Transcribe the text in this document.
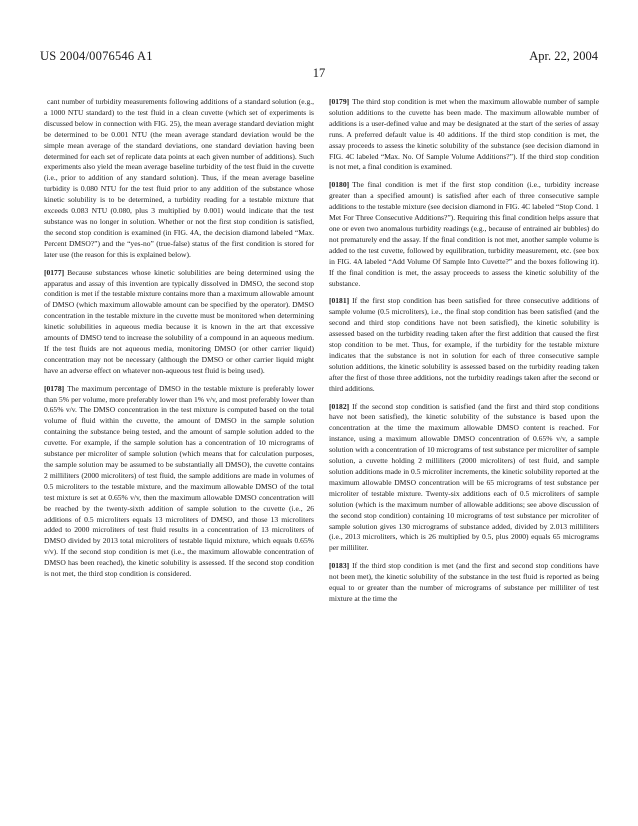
US 2004/0076546 A1	Apr. 22, 2004
17

cant number of turbidity measurements following additions of a standard solution (e.g., a 1000 NTU standard) to the test fluid in a clean cuvette (which set of experiments is discussed below in connection with FIG. 25), the mean average standard deviation might be determined to be 0.001 NTU (the mean average standard deviation would be the simple mean average of the standard deviations, one standard deviation having been determined for each set of replicate data points at each given number of additions). Such experiments also yield the mean average baseline turbidity of the test fluid in the cuvette (i.e., prior to addition of any standard solution). Thus, if the mean average baseline turbidity is 0.080 NTU for the test fluid prior to any addition of the substance whose kinetic solubility is to be determined, a turbidity reading for a testable mixture that exceeds 0.083 NTU (0.080, plus 3 multiplied by 0.001) would indicate that the test substance was no longer in solution. Whether or not the first stop condition is satisfied, the second stop condition is examined (in FIG. 4A, the decision diamond labeled “Max. Percent DMSO?”) and the “yes-no” (true-false) status of the first condition is stored for later use (the reason for this is explained below).

[0177] Because substances whose kinetic solubilities are being determined using the apparatus and assay of this invention are typically dissolved in DMSO, the second stop condition is met if the testable mixture contains more than a maximum allowable amount of DMSO (which maximum allowable amount can be specified by the operator). DMSO concentration in the testable mixture in the cuvette must be monitored when determining kinetic solubilities in aqueous media because it is known in the art that excessive amounts of DMSO tend to increase the solubility of a compound in an aqueous medium. If the test fluids are not aqueous media, monitoring DMSO (or other carrier liquid) concentration may not be necessary (although the DMSO or other carrier liquid might have an adverse effect on whatever non-aqueous test fluid is being used).

[0178] The maximum percentage of DMSO in the testable mixture is preferably lower than 5% per volume, more preferably lower than 1% v/v, and most preferably lower than 0.65% v/v. The DMSO concentration in the test mixture is computed based on the total volume of fluid within the cuvette, the amount of DMSO in the sample solution containing the substance being tested, and the amount of sample solution added to the cuvette. For example, if the sample solution has a concentration of 10 micrograms of substance per microliter of sample solution (which means that for calculation purposes, the sample solution may be assumed to be substantially all DMSO), the cuvette contains 2 milliliters (2000 microliters) of test fluid, the sample additions are made in volumes of 0.5 microliters to the testable mixture, and the maximum allowable DMSO of the total test mixture is set at 0.65% v/v, then the maximum allowable DMSO concentration will be reached by the twenty-sixth addition of sample solution to the cuvette (i.e., 26 additions of 0.5 microliters equals 13 microliters of DMSO, and those 13 microliters added to 2000 microliters of test fluid results in a concentration of 13 microliters of DMSO divided by 2013 total microliters of testable liquid mixture, which equals 0.65% v/v). If the second stop condition is met (i.e., the maximum allowable concentration of DMSO has been reached), the kinetic solubility is assessed. If the second stop condition is not met, the third stop condition is considered.

[0179] The third stop condition is met when the maximum allowable number of sample solution additions to the cuvette has been made. The maximum allowable number of additions is a user-defined value and may be designated at the start of the series of assay runs. A preferred default value is 40 additions. If the third stop condition is met, the assay proceeds to assess the kinetic solubility of the substance (see decision diamond in FIG. 4C labeled “Max. No. Of Sample Volume Additions?”). If the third stop condition is not met, a final condition is examined.

[0180] The final condition is met if the first stop condition (i.e., turbidity increase greater than a specified amount) is satisfied after each of three consecutive sample additions to the testable mixture (see decision diamond in FIG. 4C labeled “Stop Cond. 1 Met For Three Consecutive Additions?”). Requiring this final condition helps assure that one or even two anomalous turbidity readings (e.g., because of entrained air bubbles) do not prematurely end the assay. If the final condition is not met, another sample volume is added to the test cuvette, followed by equilibration, turbidity measurement, etc. (see box in FIG. 4A labeled “Add Volume Of Sample Into Cuvette?” and the boxes following it). If the final condition is met, the assay proceeds to assess the kinetic solubility of the substance.

[0181] If the first stop condition has been satisfied for three consecutive additions of sample volume (0.5 microliters), i.e., the final stop condition has been satisfied (and the second and third stop conditions have not been satisfied), the kinetic solubility is assessed based on the turbidity reading taken after the first addition that caused the first stop condition to be met. Thus, for example, if the turbidity for the testable mixture indicates that the substance is not in solution for each of three consecutive sample solution additions, the kinetic solubility is assessed based on the turbidity reading taken after the first of those three additions, not the turbidity readings taken after the second or third additions.

[0182] If the second stop condition is satisfied (and the first and third stop conditions have not been satisfied), the kinetic solubility of the substance is based upon the concentration at the time the maximum allowable DMSO content is reached. For instance, using a maximum allowable DMSO concentration of 0.65% v/v, a sample solution with a concentration of 10 micrograms of test substance per microliter of sample solution, a cuvette holding 2 milliliters (2000 microliters) of test fluid, and sample solution additions made in 0.5 microliter increments, the kinetic solubility reported at the maximum allowable DMSO concentration will be 65 micrograms of test substance per microliter of testable mixture. Twenty-six additions each of 0.5 microliters of sample solution (which is the maximum number of allowable additions; see above discussion of the second stop condition) containing 10 micrograms of test substance per microliter of sample solution gives 130 micrograms of substance added, divided by 2.013 milliliters (i.e., 2013 microliters, which is 26 multiplied by 0.5, plus 2000) equals 65 micrograms per milliliter.

[0183] If the third stop condition is met (and the first and second stop conditions have not been met), the kinetic solubility of the substance in the test fluid is reported as being equal to or greater than the number of micrograms of substance per milliliter of test mixture at the time the
